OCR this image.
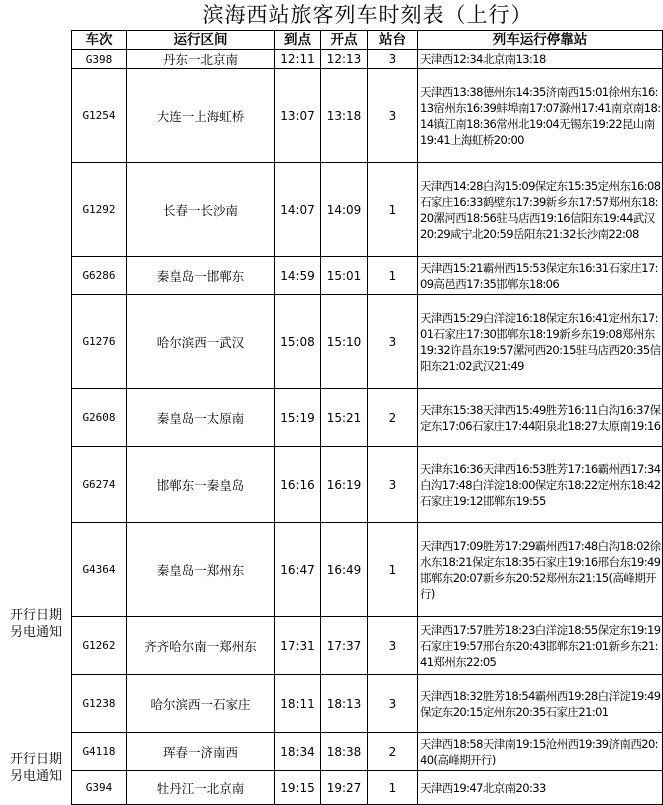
滨海西站旅客列车时刻表（上行）
开行日期
另电通知
开行日期
另电通知
车次	运行区间	到点	开点	站台	列车运行停靠站
G398	丹东一北京南	12:11	12:13	3	天津西12:34北京南13:18
G1254	大连一上海虹桥	13:07	13:18	3	天津西13:38德州东14:35济南西15:01徐州东16:13宿州东16:39蚌埠南17:07滁州17:41南京南18:14镇江南18:36常州北19:04无锡东19:22昆山南19:41上海虹桥20:00
G1292	长春一长沙南	14:07	14:09	1	天津西14:28白沟15:09保定东15:35定州东16:08石家庄16:33鹤壁东17:39新乡东17:57郑州东18:20漯河西18:56驻马店西19:16信阳东19:44武汉20:29咸宁北20:59岳阳东21:32长沙南22:08
G6286	秦皇岛一邯郸东	14:59	15:01	1	天津西15:21霸州西15:53保定东16:31石家庄17:09高邑西17:35邯郸东18:06
G1276	哈尔滨西一武汉	15:08	15:10	3	天津西15:29白洋淀16:18保定东16:41定州东17:01石家庄17:30邯郸东18:19新乡东19:08郑州东19:32许昌东19:57漯河西20:15驻马店西20:35信阳东21:02武汉21:49
G2608	秦皇岛一太原南	15:19	15:21	2	天津东15:38天津西15:49胜芳16:11白沟16:37保定东17:06石家庄17:44阳泉北18:27太原南19:16
G6274	邯郸东一秦皇岛	16:16	16:19	3	天津东16:36天津西16:53胜芳17:16霸州西17:34白沟17:48白洋淀18:00保定东18:22定州东18:42石家庄19:12邯郸东19:55
G4364	秦皇岛一郑州东	16:47	16:49	1	天津西17:09胜芳17:29霸州西17:48白沟18:02徐水东18:21保定东18:35石家庄19:16邢台东19:49邯郸东20:07新乡东20:52郑州东21:15(高峰期开行)
G1262	齐齐哈尔南一郑州东	17:31	17:37	3	天津西17:57胜芳18:23白洋淀18:55保定东19:19石家庄19:57邢台东20:43邯郸东21:01新乡东21:41郑州东22:05
G1238	哈尔滨西一石家庄	18:11	18:13	3	天津西18:32胜芳18:54霸州西19:28白洋淀19:49保定东20:15定州东20:35石家庄21:01
G4118	珲春一济南西	18:34	18:38	2	天津西18:58天津南19:15沧州西19:39济南西20:40(高峰期开行)
G394	牡丹江一北京南	19:15	19:27	1	天津西19:47北京南20:33
